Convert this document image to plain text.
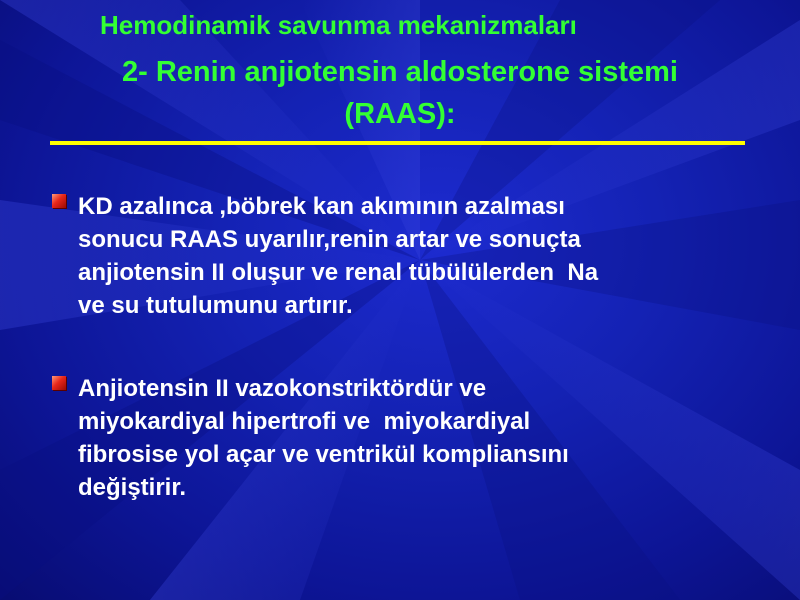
Hemodinamik savunma mekanizmaları
2- Renin anjiotensin aldosterone sistemi
(RAAS):
KD azalınca ,böbrek kan akımının azalması
sonucu RAAS uyarılır,renin artar ve sonuçta
anjiotensin II oluşur ve renal tübülülerden  Na
ve su tutulumunu artırır.
Anjiotensin II vazokonstriktördür ve
miyokardiyal hipertrofi ve  miyokardiyal
fibrosise yol açar ve ventrikül kompliansını
değiştirir.
